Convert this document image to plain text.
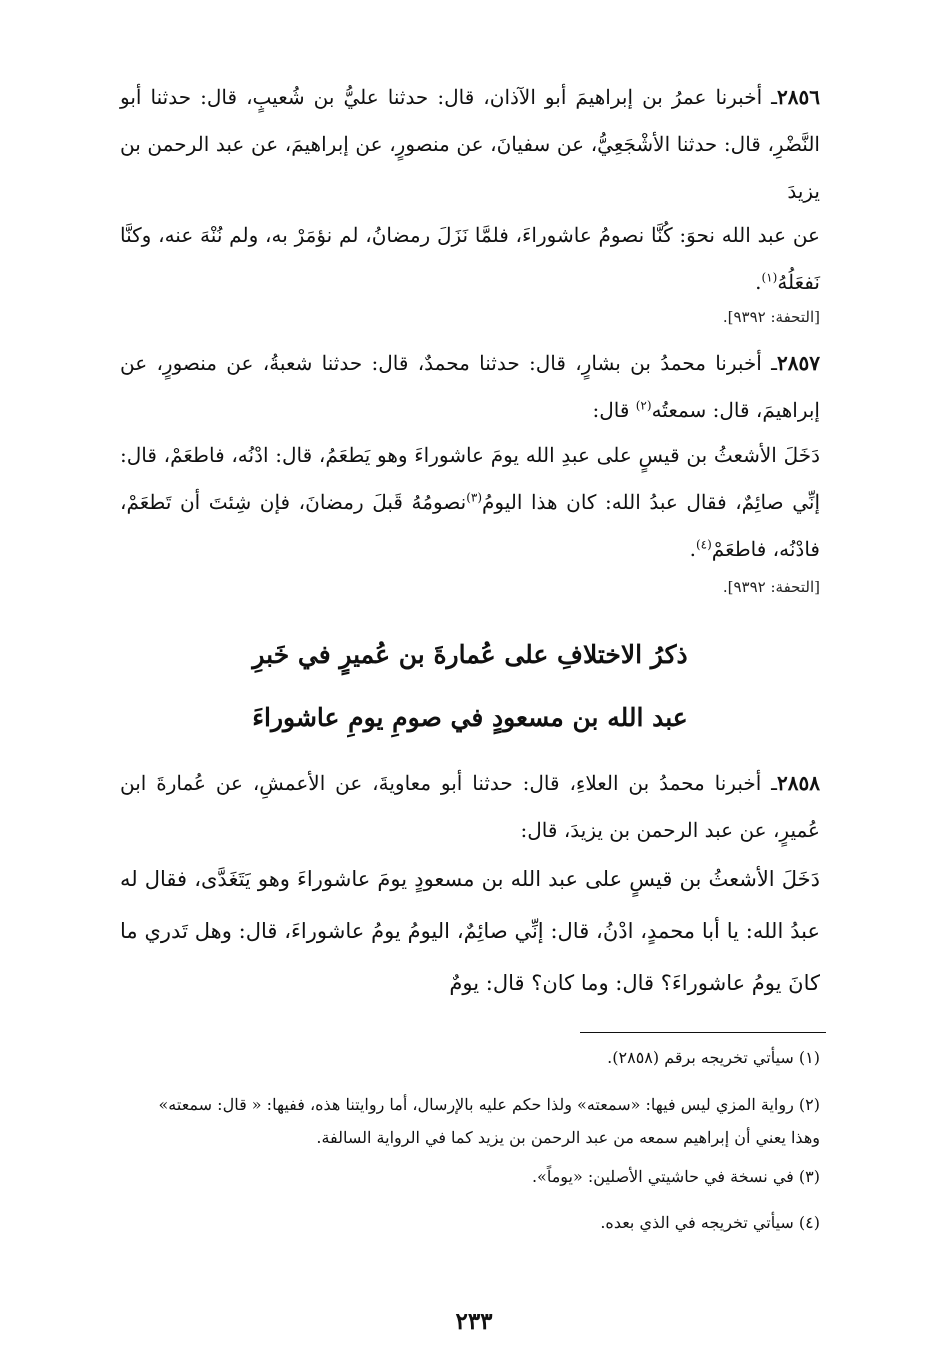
٢٨٥٦ـ أخبرنا عمرُ بن إبراهيمَ أبو الآذان، قال: حدثنا عليُّ بن شُعيبٍ، قال: حدثنا أبو النَّضْرِ، قال: حدثنا الأشْجَعِيُّ، عن سفيانَ، عن منصورٍ، عن إبراهيمَ، عن عبد الرحمن بن يزيدَ
عن عبد الله نحوَ: كُنَّا نصومُ عاشوراءَ، فلمَّا نَزَلَ رمضانُ، لم نؤمَرْ به، ولم نُنْهَ عنه، وكنَّا نَفعَلُهُ$^{(١)}$.
[التحفة: ٩٣٩٢].
٢٨٥٧ـ أخبرنا محمدُ بن بشارٍ، قال: حدثنا محمدٌ، قال: حدثنا شعبةُ، عن منصورٍ، عن إبراهيمَ، قال: سمعتُه$^{(٢)}$ قال:
دَخَلَ الأشعثُ بن قيسٍ على عبدِ الله يومَ عاشوراءَ وهو يَطعَمُ، قال: ادْنُه، فاطعَمْ، قال: إنِّي صائِمٌ، فقال عبدُ الله: كان هذا اليومُ$^{(٣)}$نصومُهُ قَبلَ رمضانَ، فإن شِئتَ أن تَطعَمْ، فادْنُه، فاطعَمْ$^{(٤)}$.
[التحفة: ٩٣٩٢].
ذكرُ الاختلافِ على عُمارةَ بن عُميرٍ في خَبرِ
عبد الله بن مسعودٍ في صومِ يومِ عاشوراءَ
٢٨٥٨ـ أخبرنا محمدُ بن العلاءِ، قال: حدثنا أبو معاويةَ، عن الأعمشِ، عن عُمارةَ ابن عُميرٍ، عن عبد الرحمن بن يزيدَ، قال:
دَخَلَ الأشعثُ بن قيسٍ على عبد الله بن مسعودٍ يومَ عاشوراءَ وهو يَتَغَدَّى، فقال له عبدُ الله: يا أبا محمدٍ، ادْنُ، قال: إنِّي صائِمٌ، اليومُ يومُ عاشوراءَ، قال: وهل تَدري ما كانَ يومُ عاشوراءَ؟ قال: وما كان؟ قال: يومٌ
(١) سيأتي تخريجه برقم (٢٨٥٨).
(٢) رواية المزي ليس فيها: «سمعته» ولذا حكم عليه بالإرسال، أما روايتنا هذه، ففيها: « قال: سمعته»
وهذا يعني أن إبراهيم سمعه من عبد الرحمن بن يزيد كما في الرواية السالفة.
(٣) في نسخة في حاشيتي الأصلين: «يوماً».
(٤) سيأتي تخريجه في الذي بعده.
٢٣٣
